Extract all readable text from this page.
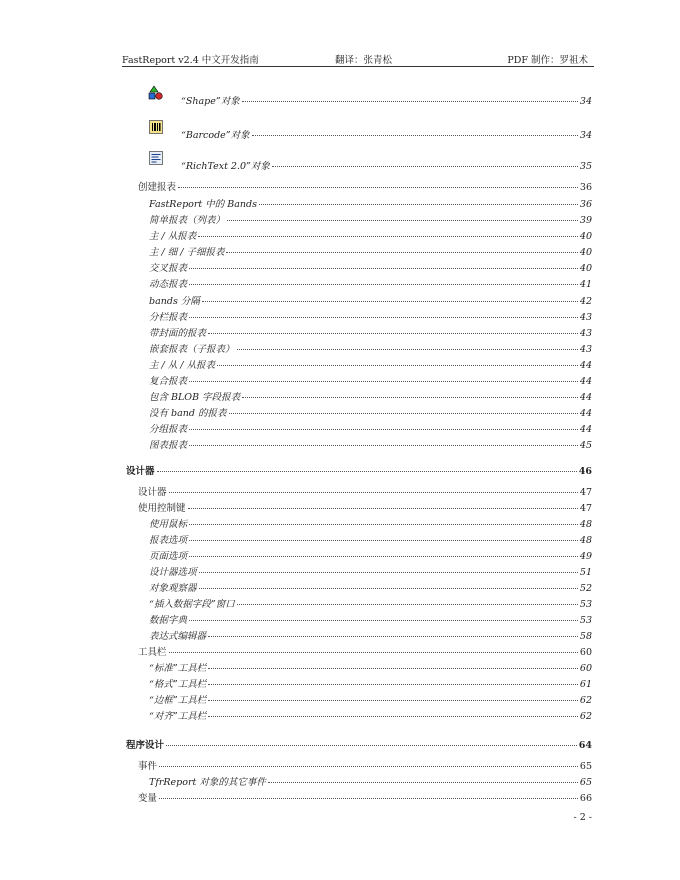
FastReport v2.4 中文开发指南	翻译：张青松	PDF 制作：罗祖术
“Shape”对象	34
“Barcode”对象	34
“RichText 2.0”对象	35
创建报表	36
FastReport 中的 Bands	36
简单报表（列表）	39
主 / 从报表	40
主 / 细 / 子细报表	40
交叉报表	40
动态报表	41
bands 分隔	42
分栏报表	43
带封面的报表	43
嵌套报表（子报表）	43
主 / 从 / 从报表	44
复合报表	44
包含 BLOB 字段报表	44
没有 band 的报表	44
分组报表	44
图表报表	45
设计器	46
设计器	47
使用控制键	47
使用鼠标	48
报表选项	48
页面选项	49
设计器选项	51
对象观察器	52
“插入数据字段”窗口	53
数据字典	53
表达式编辑器	58
工具栏	60
“标准”工具栏	60
“格式”工具栏	61
“边框”工具栏	62
“对齐”工具栏	62
程序设计	64
事件	65
TfrReport 对象的其它事件	65
变量	66
- 2 -
